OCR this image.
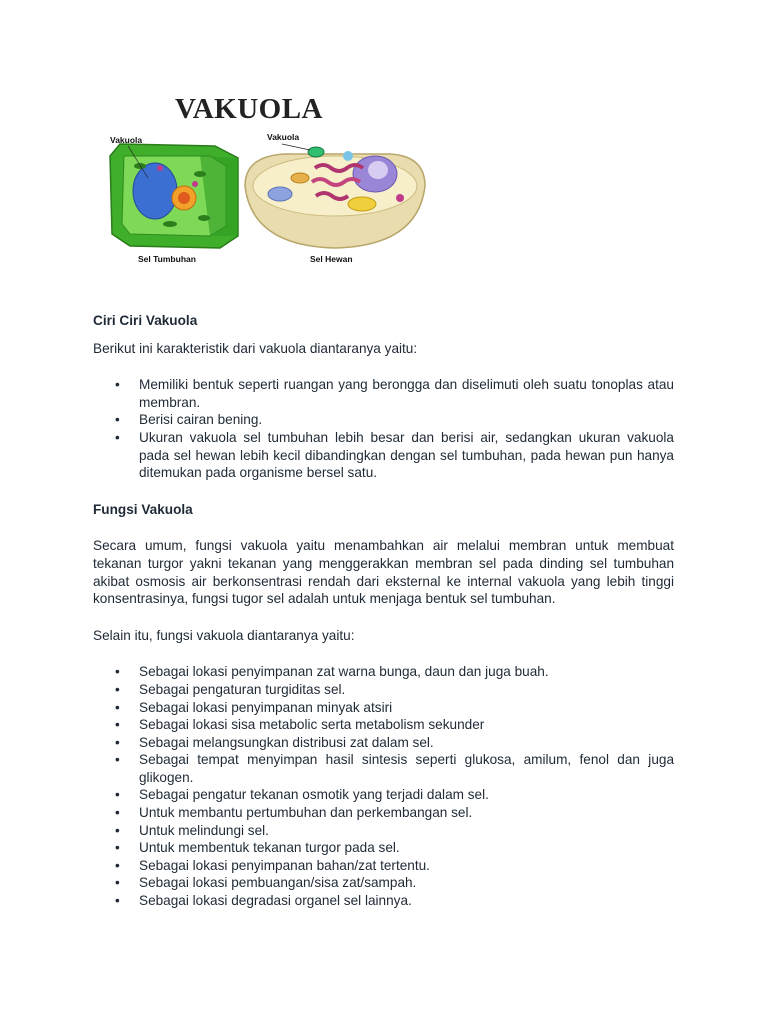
VAKUOLA
Vakuola
Sel Tumbuhan
Vakuola
Sel Hewan
Ciri Ciri Vakuola

Berikut ini karakteristik dari vakuola diantaranya yaitu:

• Memiliki bentuk seperti ruangan yang berongga dan diselimuti oleh suatu tonoplas atau membran.
• Berisi cairan bening.
• Ukuran vakuola sel tumbuhan lebih besar dan berisi air, sedangkan ukuran vakuola pada sel hewan lebih kecil dibandingkan dengan sel tumbuhan, pada hewan pun hanya ditemukan pada organisme bersel satu.
Fungsi Vakuola

Secara umum, fungsi vakuola yaitu menambahkan air melalui membran untuk membuat tekanan turgor yakni tekanan yang menggerakkan membran sel pada dinding sel tumbuhan akibat osmosis air berkonsentrasi rendah dari eksternal ke internal vakuola yang lebih tinggi konsentrasinya, fungsi tugor sel adalah untuk menjaga bentuk sel tumbuhan.

Selain itu, fungsi vakuola diantaranya yaitu:

• Sebagai lokasi penyimpanan zat warna bunga, daun dan juga buah.
• Sebagai pengaturan turgiditas sel.
• Sebagai lokasi penyimpanan minyak atsiri
• Sebagai lokasi sisa metabolic serta metabolism sekunder
• Sebagai melangsungkan distribusi zat dalam sel.
• Sebagai tempat menyimpan hasil sintesis seperti glukosa, amilum, fenol dan juga glikogen.
• Sebagai pengatur tekanan osmotik yang terjadi dalam sel.
• Untuk membantu pertumbuhan dan perkembangan sel.
• Untuk melindungi sel.
• Untuk membentuk tekanan turgor pada sel.
• Sebagai lokasi penyimpanan bahan/zat tertentu.
• Sebagai lokasi pembuangan/sisa zat/sampah.
• Sebagai lokasi degradasi organel sel lainnya.
